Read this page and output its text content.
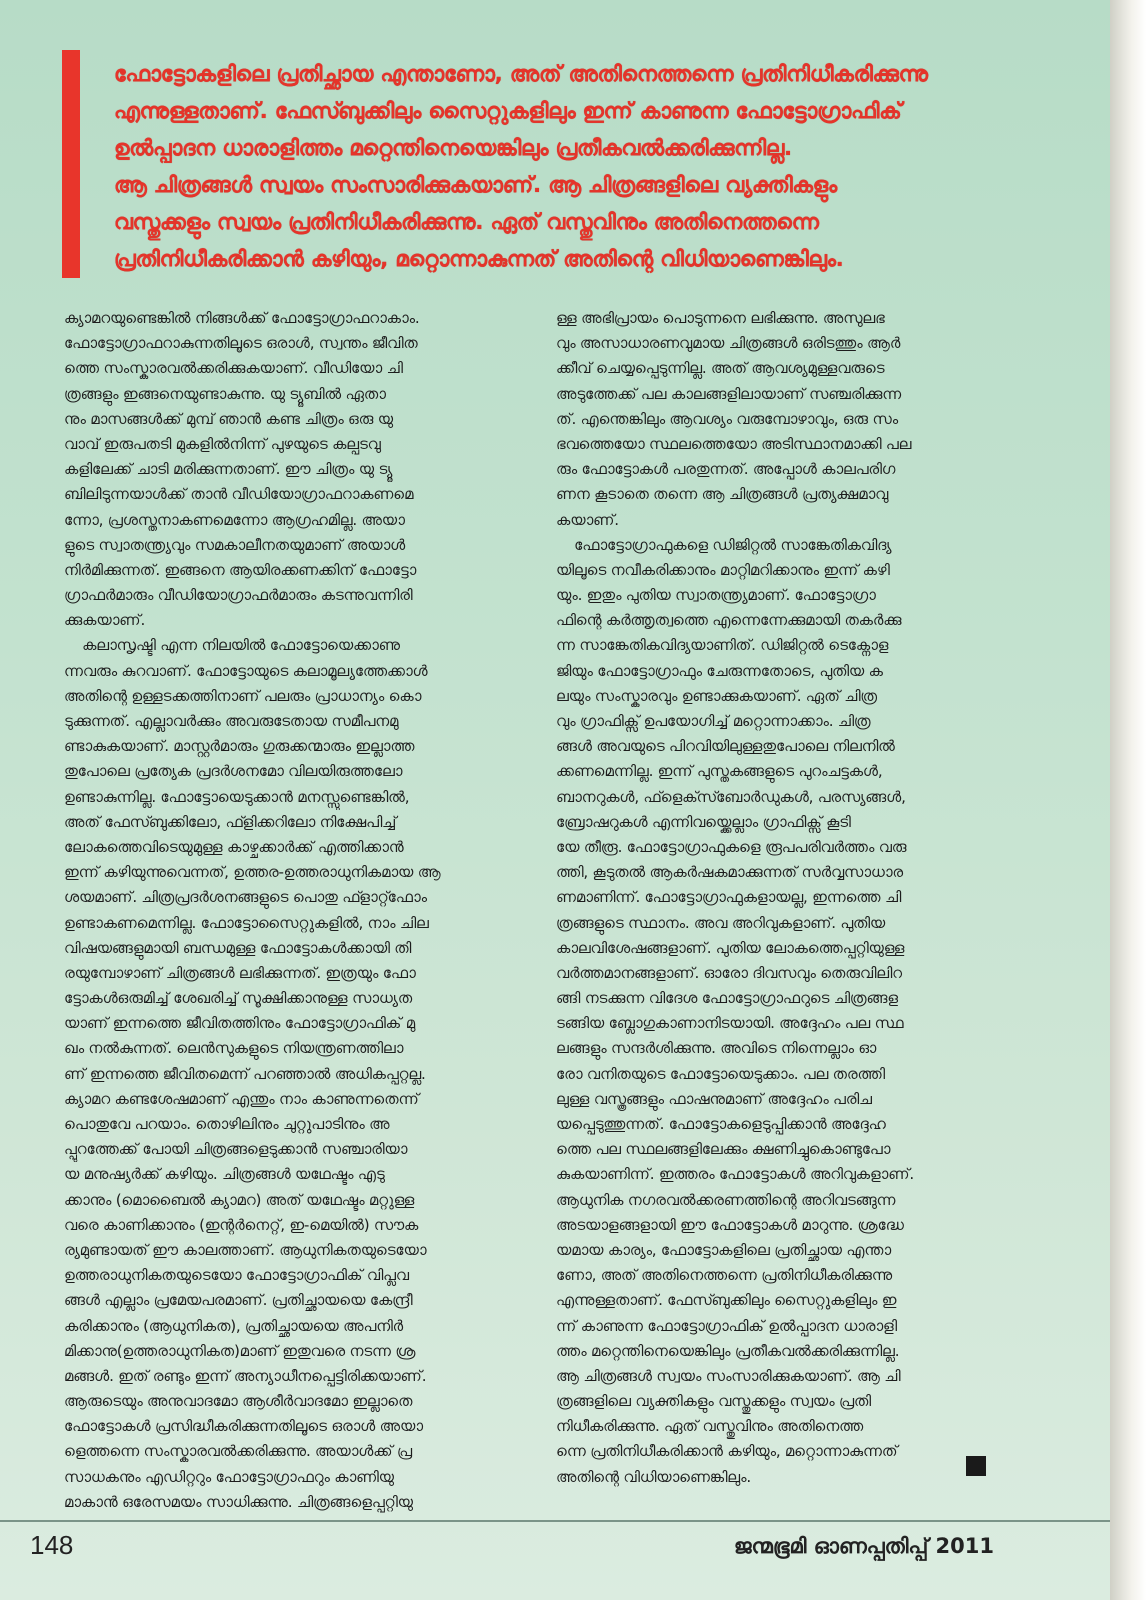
ഫോട്ടോകളിലെ പ്രതിച്ഛായ എന്താണോ, അത് അതിനെത്തന്നെ പ്രതിനിധീകരിക്കുന്നു
എന്നുള്ളതാണ്. ഫേസ്ബുക്കിലും സൈറ്റുകളിലും ഇന്ന് കാണുന്ന ഫോട്ടോഗ്രാഫിക്
ഉൽപ്പാദന ധാരാളിത്തം മറ്റെന്തിനെയെങ്കിലും പ്രതീകവൽക്കരിക്കുന്നില്ല.
ആ ചിത്രങ്ങൾ സ്വയം സംസാരിക്കുകയാണ്. ആ ചിത്രങ്ങളിലെ വ്യക്തികളും
വസ്തുക്കളും സ്വയം പ്രതിനിധീകരിക്കുന്നു. ഏത് വസ്തുവിനും അതിനെത്തന്നെ
പ്രതിനിധീകരിക്കാൻ കഴിയും, മറ്റൊന്നാകുന്നത് അതിന്റെ വിധിയാണെങ്കിലും.

ക്യാമറയുണ്ടെങ്കിൽ നിങ്ങൾക്ക് ഫോട്ടോഗ്രാഫറാകാം.
ഫോട്ടോഗ്രാഫറാകുന്നതിലൂടെ ഒരാൾ, സ്വന്തം ജീവിത
ത്തെ സംസ്കാരവൽക്കരിക്കുകയാണ്. വീഡിയോ ചി
ത്രങ്ങളും ഇങ്ങനെയുണ്ടാകുന്നു. യു ട്യൂബിൽ ഏതാ
നും മാസങ്ങൾക്ക് മുമ്പ് ഞാൻ കണ്ട ചിത്രം ഒരു യു
വാവ് ഇരുപതടി മുകളിൽനിന്ന് പുഴയുടെ കല്പടവു
കളിലേക്ക് ചാടി മരിക്കുന്നതാണ്. ഈ ചിത്രം യു ട്യൂ
ബിലിടുന്നയാൾക്ക് താൻ വീഡിയോഗ്രാഫറാകണമെ
ന്നോ, പ്രശസ്തനാകണമെന്നോ ആഗ്രഹമില്ല. അയാ
ളുടെ സ്വാതന്ത്ര്യവും സമകാലീനതയുമാണ് അയാൾ
നിർമിക്കുന്നത്. ഇങ്ങനെ ആയിരക്കണക്കിന് ഫോട്ടോ
ഗ്രാഫർമാരും വീഡിയോഗ്രാഫർമാരും കടന്നുവന്നിരി
ക്കുകയാണ്.
കലാസൃഷ്ടി എന്ന നിലയിൽ ഫോട്ടോയെക്കാണു
ന്നവരും കുറവാണ്. ഫോട്ടോയുടെ കലാമൂല്യത്തേക്കാൾ
അതിന്റെ ഉള്ളടക്കത്തിനാണ് പലരും പ്രാധാന്യം കൊ
ടുക്കുന്നത്. എല്ലാവർക്കും അവരുടേതായ സമീപനമു
ണ്ടാകുകയാണ്. മാസ്റ്റർമാരും ഗുരുക്കന്മാരും ഇല്ലാത്ത
തുപോലെ പ്രത്യേക പ്രദർശനമോ വിലയിരുത്തലോ
ഉണ്ടാകുന്നില്ല. ഫോട്ടോയെടുക്കാൻ മനസ്സുണ്ടെങ്കിൽ,
അത് ഫേസ്ബുക്കിലോ, ഫ്ളിക്കറിലോ നിക്ഷേപിച്ച്
ലോകത്തെവിടെയുമുള്ള കാഴ്ചക്കാർക്ക് എത്തിക്കാൻ
ഇന്ന് കഴിയുന്നുവെന്നത്, ഉത്തര-ഉത്തരാധുനികമായ ആ
ശയമാണ്. ചിത്രപ്രദർശനങ്ങളുടെ പൊതു ഫ്ളാറ്റ്ഫോം
ഉണ്ടാകണമെന്നില്ല. ഫോട്ടോസൈറ്റുകളിൽ, നാം ചില
വിഷയങ്ങളുമായി ബന്ധമുള്ള ഫോട്ടോകൾക്കായി തി
രയുമ്പോഴാണ് ചിത്രങ്ങൾ ലഭിക്കുന്നത്. ഇത്രയും ഫോ
ട്ടോകൾഒരുമിച്ച് ശേഖരിച്ച് സൂക്ഷിക്കാനുള്ള സാധ്യത
യാണ് ഇന്നത്തെ ജീവിതത്തിനും ഫോട്ടോഗ്രാഫിക് മു
ഖം നൽകുന്നത്. ലെൻസുകളുടെ നിയന്ത്രണത്തിലാ
ണ് ഇന്നത്തെ ജീവിതമെന്ന് പറഞ്ഞാൽ അധികപ്പറ്റല്ല.
ക്യാമറ കണ്ടശേഷമാണ് എന്തും നാം കാണുന്നതെന്ന്
പൊതുവേ പറയാം. തൊഴിലിനും ചുറ്റുപാടിനും അ
പ്പുറത്തേക്ക് പോയി ചിത്രങ്ങളെടുക്കാൻ സഞ്ചാരിയാ
യ മനുഷ്യർക്ക് കഴിയും. ചിത്രങ്ങൾ യഥേഷ്ടം എടു
ക്കാനും (മൊബൈൽ ക്യാമറ) അത് യഥേഷ്ടം മറ്റുള്ള
വരെ കാണിക്കാനും (ഇന്റർനെറ്റ്, ഇ-മെയിൽ) സൗക
ര്യമുണ്ടായത് ഈ കാലത്താണ്. ആധുനികതയുടെയോ
ഉത്തരാധുനികതയുടെയോ ഫോട്ടോഗ്രാഫിക് വിപ്ലവ
ങ്ങൾ എല്ലാം പ്രമേയപരമാണ്. പ്രതിച്ഛായയെ കേന്ദ്രീ
കരിക്കാനും (ആധുനികത), പ്രതിച്ഛായയെ അപനിർ
മിക്കാനു(ഉത്തരാധുനികത)മാണ് ഇതുവരെ നടന്ന ശ്ര
മങ്ങൾ. ഇത് രണ്ടും ഇന്ന് അന്യാധീനപ്പെട്ടിരിക്കയാണ്.
ആരുടെയും അനുവാദമോ ആശീർവാദമോ ഇല്ലാതെ
ഫോട്ടോകൾ പ്രസിദ്ധീകരിക്കുന്നതിലൂടെ ഒരാൾ അയാ
ളെത്തന്നെ സംസ്കാരവൽക്കരിക്കുന്നു. അയാൾക്ക് പ്ര
സാധകനും എഡിറ്ററും ഫോട്ടോഗ്രാഫറും കാണിയു
മാകാൻ ഒരേസമയം സാധിക്കുന്നു. ചിത്രങ്ങളെപ്പറ്റിയു
ള്ള അഭിപ്രായം പൊടുന്നനെ ലഭിക്കുന്നു. അസുലഭ
വും അസാധാരണവുമായ ചിത്രങ്ങൾ ഒരിടത്തും ആർ
ക്കീവ് ചെയ്യപ്പെടുന്നില്ല. അത് ആവശ്യമുള്ളവരുടെ
അടുത്തേക്ക് പല കാലങ്ങളിലായാണ് സഞ്ചരിക്കുന്ന
ത്. എന്തെങ്കിലും ആവശ്യം വരുമ്പോഴാവും, ഒരു സം
ഭവത്തെയോ സ്ഥലത്തെയോ അടിസ്ഥാനമാക്കി പല
രും ഫോട്ടോകൾ പരതുന്നത്. അപ്പോൾ കാലപരിഗ
ണന കൂടാതെ തന്നെ ആ ചിത്രങ്ങൾ പ്രത്യക്ഷമാവു
കയാണ്.
ഫോട്ടോഗ്രാഫുകളെ ഡിജിറ്റൽ സാങ്കേതികവിദ്യ
യിലൂടെ നവീകരിക്കാനും മാറ്റിമറിക്കാനും ഇന്ന് കഴി
യും. ഇതും പുതിയ സ്വാതന്ത്ര്യമാണ്. ഫോട്ടോഗ്രാ
ഫിന്റെ കർത്തൃത്വത്തെ എന്നെന്നേക്കുമായി തകർക്കു
ന്ന സാങ്കേതികവിദ്യയാണിത്. ഡിജിറ്റൽ ടെക്നോള
ജിയും ഫോട്ടോഗ്രാഫും ചേരുന്നതോടെ, പുതിയ ക
ലയും സംസ്കാരവും ഉണ്ടാക്കുകയാണ്. ഏത് ചിത്ര
വും ഗ്രാഫിക്സ് ഉപയോഗിച്ച് മറ്റൊന്നാക്കാം. ചിത്ര
ങ്ങൾ അവയുടെ പിറവിയിലുള്ളതുപോലെ നിലനിൽ
ക്കണമെന്നില്ല. ഇന്ന് പുസ്തകങ്ങളുടെ പുറംചട്ടകൾ,
ബാനറുകൾ, ഫ്ളെക്സ്ബോർഡുകൾ, പരസ്യങ്ങൾ,
ബ്രോഷറുകൾ എന്നിവയ്ക്കെല്ലാം ഗ്രാഫിക്സ് കൂടി
യേ തീരൂ. ഫോട്ടോഗ്രാഫുകളെ രൂപപരിവർത്തം വരു
ത്തി, കൂടുതൽ ആകർഷകമാക്കുന്നത് സർവ്വസാധാര
ണമാണിന്ന്. ഫോട്ടോഗ്രാഫുകളായല്ല, ഇന്നത്തെ ചി
ത്രങ്ങളുടെ സ്ഥാനം. അവ അറിവുകളാണ്. പുതിയ
കാലവിശേഷങ്ങളാണ്. പുതിയ ലോകത്തെപ്പറ്റിയുള്ള
വർത്തമാനങ്ങളാണ്. ഓരോ ദിവസവും തെരുവിലിറ
ങ്ങി നടക്കുന്ന വിദേശ ഫോട്ടോഗ്രാഫറുടെ ചിത്രങ്ങള
ടങ്ങിയ ബ്ലോഗുകാണാനിടയായി. അദ്ദേഹം പല സ്ഥ
ലങ്ങളും സന്ദർശിക്കുന്നു. അവിടെ നിന്നെല്ലാം ഓ
രോ വനിതയുടെ ഫോട്ടോയെടുക്കാം. പല തരത്തി
ലുള്ള വസ്ത്രങ്ങളും ഫാഷനുമാണ് അദ്ദേഹം പരിച
യപ്പെടുത്തുന്നത്. ഫോട്ടോകളെടുപ്പിക്കാൻ അദ്ദേഹ
ത്തെ പല സ്ഥലങ്ങളിലേക്കും ക്ഷണിച്ചുകൊണ്ടുപോ
കുകയാണിന്ന്. ഇത്തരം ഫോട്ടോകൾ അറിവുകളാണ്.
ആധുനിക നഗരവൽക്കരണത്തിന്റെ അറിവടങ്ങുന്ന
അടയാളങ്ങളായി ഈ ഫോട്ടോകൾ മാറുന്നു. ശ്രദ്ധേ
യമായ കാര്യം, ഫോട്ടോകളിലെ പ്രതിച്ഛായ എന്താ
ണോ, അത് അതിനെത്തന്നെ പ്രതിനിധീകരിക്കുന്നു
എന്നുള്ളതാണ്. ഫേസ്ബുക്കിലും സൈറ്റുകളിലും ഇ
ന്ന് കാണുന്ന ഫോട്ടോഗ്രാഫിക് ഉൽപ്പാദന ധാരാളി
ത്തം മറ്റെന്തിനെയെങ്കിലും പ്രതീകവൽക്കരിക്കുന്നില്ല.
ആ ചിത്രങ്ങൾ സ്വയം സംസാരിക്കുകയാണ്. ആ ചി
ത്രങ്ങളിലെ വ്യക്തികളും വസ്തുക്കളും സ്വയം പ്രതി
നിധീകരിക്കുന്നു. ഏത് വസ്തുവിനും അതിനെത്ത
ന്നെ പ്രതിനിധീകരിക്കാൻ കഴിയും, മറ്റൊന്നാകുന്നത്
അതിന്റെ വിധിയാണെങ്കിലും.

148	ജന്മഭൂമി ഓണപ്പതിപ്പ് 2011
